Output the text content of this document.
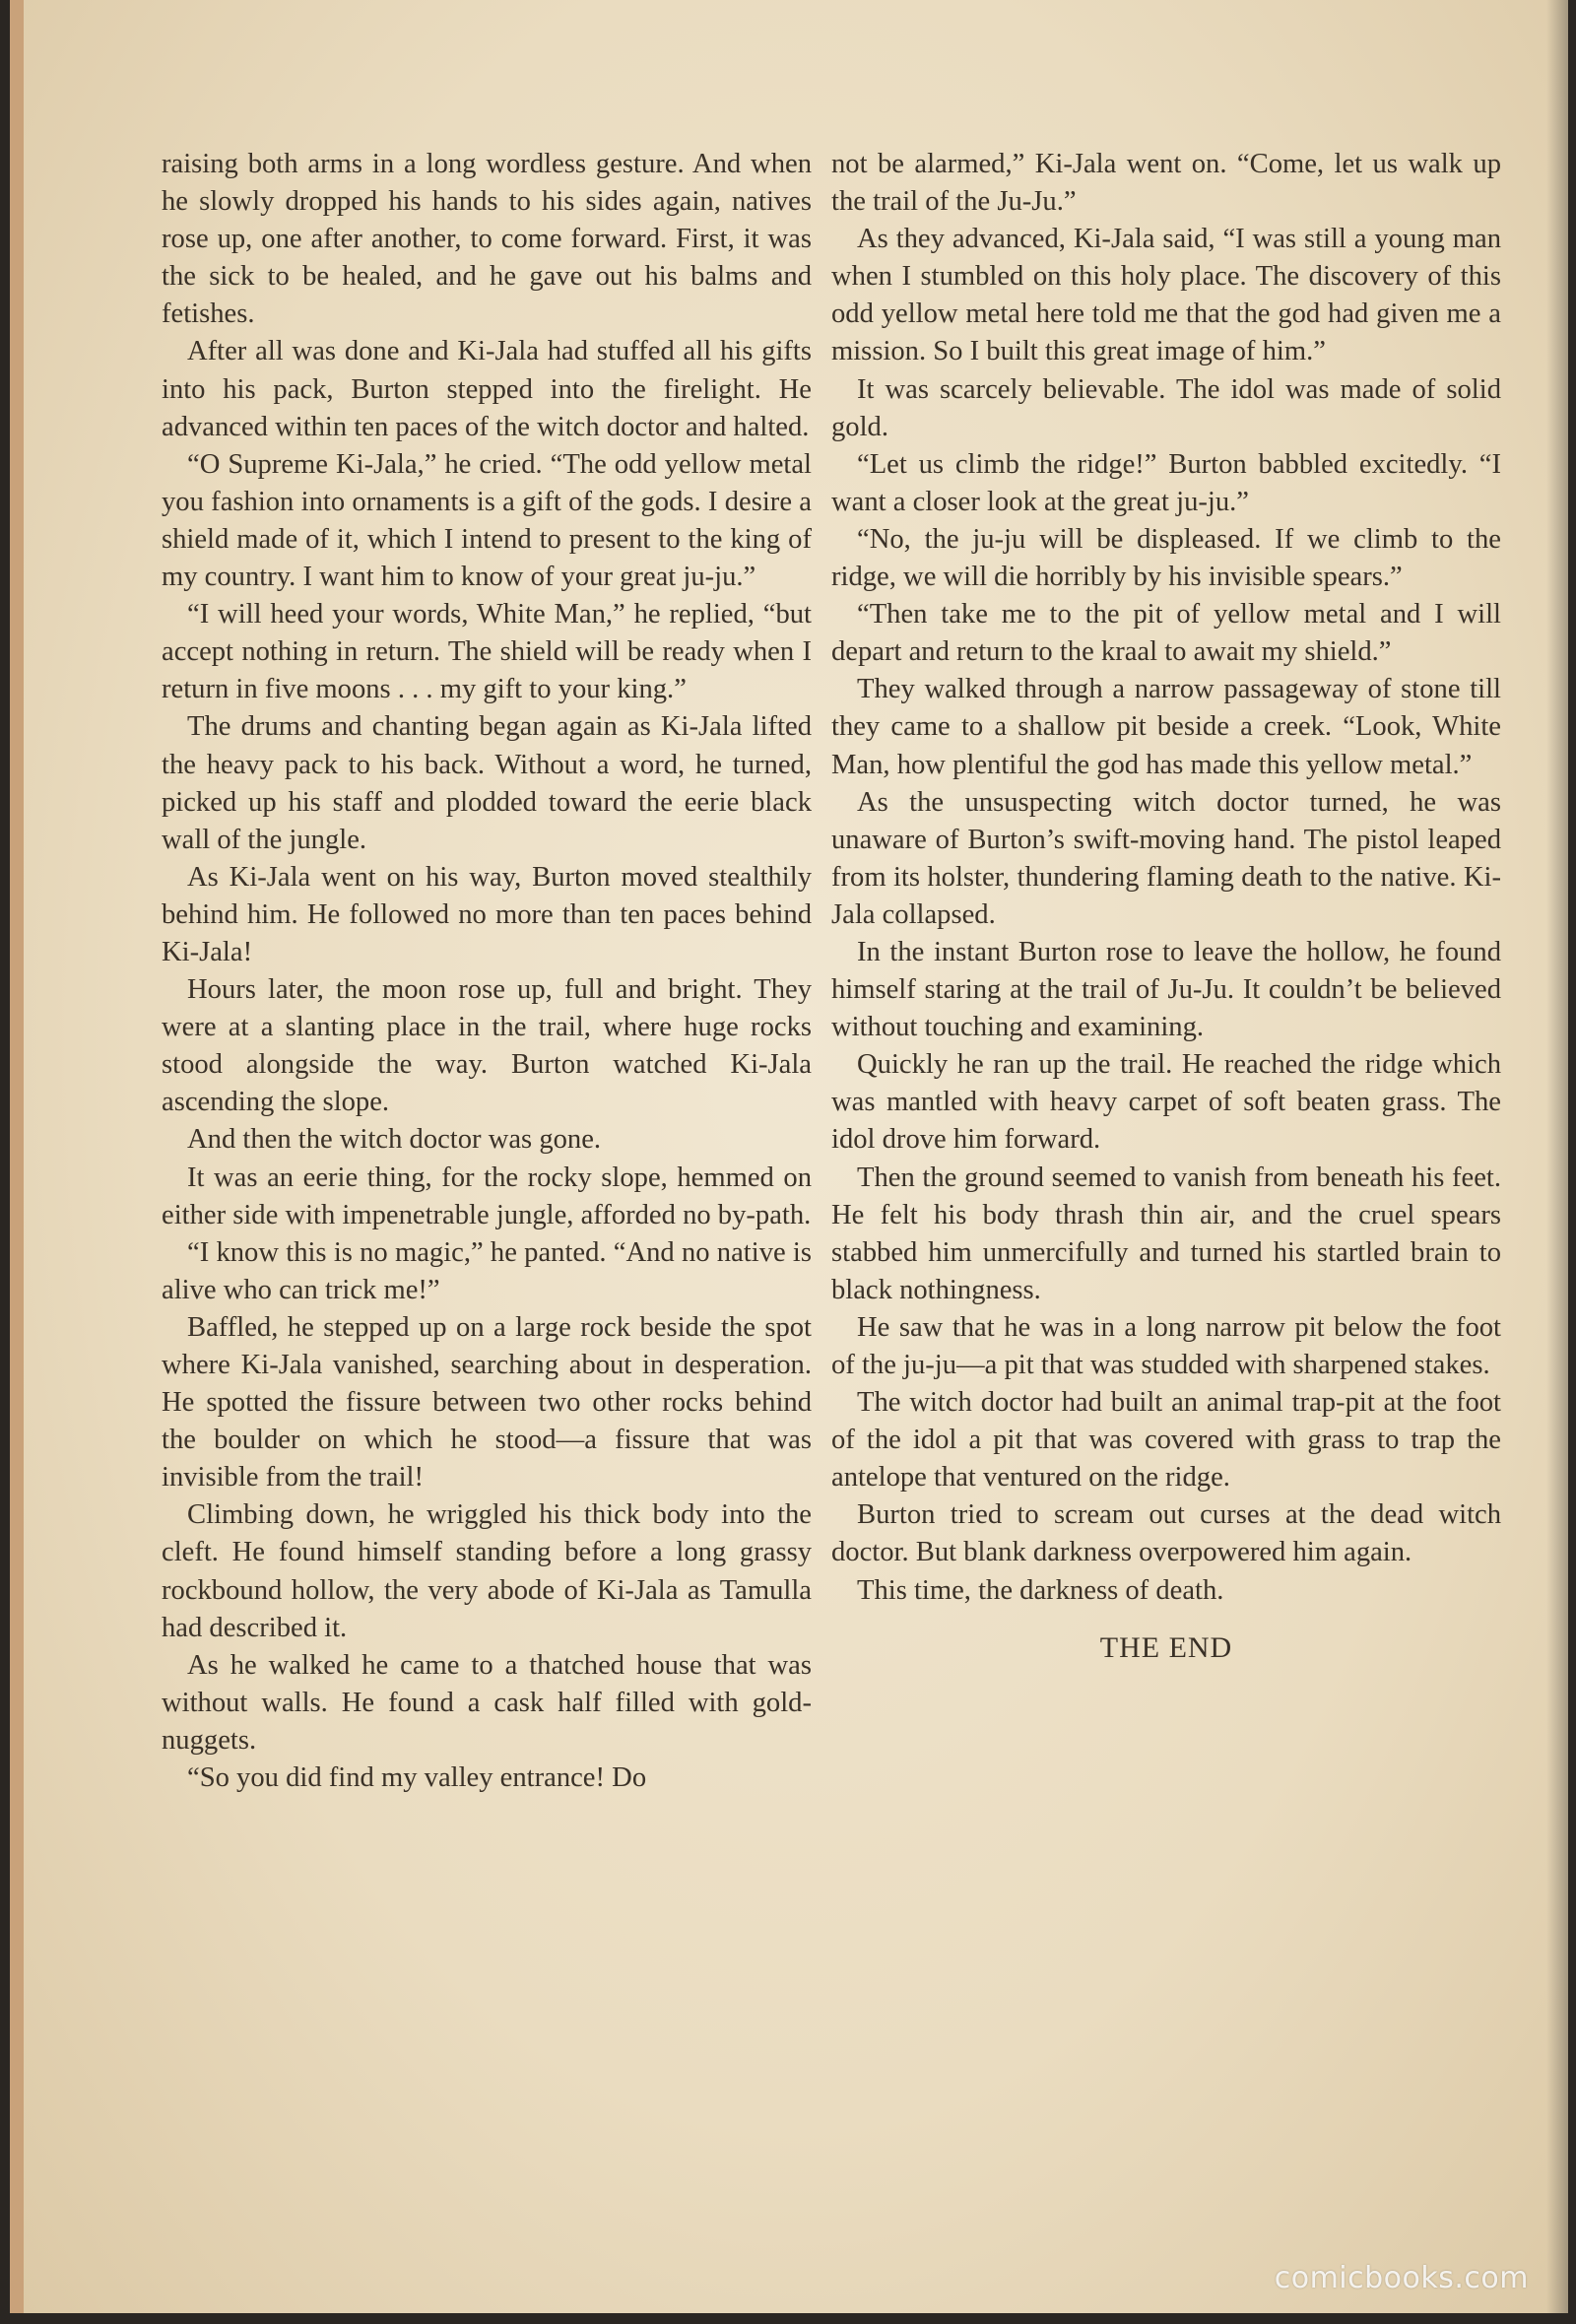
raising both arms in a long wordless gesture. And when he slowly dropped his hands to his sides again, natives rose up, one after another, to come forward. First, it was the sick to be healed, and he gave out his balms and fetishes.

After all was done and Ki-Jala had stuffed all his gifts into his pack, Burton stepped into the firelight. He advanced within ten paces of the witch doctor and halted.

“O Supreme Ki-Jala,” he cried. “The odd yellow metal you fashion into ornaments is a gift of the gods. I desire a shield made of it, which I intend to present to the king of my country. I want him to know of your great ju-ju.”

“I will heed your words, White Man,” he replied, “but accept nothing in return. The shield will be ready when I return in five moons . . . my gift to your king.”

The drums and chanting began again as Ki-Jala lifted the heavy pack to his back. Without a word, he turned, picked up his staff and plodded toward the eerie black wall of the jungle.

As Ki-Jala went on his way, Burton moved stealthily behind him. He followed no more than ten paces behind Ki-Jala!

Hours later, the moon rose up, full and bright. They were at a slanting place in the trail, where huge rocks stood alongside the way. Burton watched Ki-Jala ascending the slope.

And then the witch doctor was gone.

It was an eerie thing, for the rocky slope, hemmed on either side with impenetrable jungle, afforded no by-path.

“I know this is no magic,” he panted. “And no native is alive who can trick me!”

Baffled, he stepped up on a large rock beside the spot where Ki-Jala vanished, searching about in desperation. He spotted the fissure between two other rocks behind the boulder on which he stood—a fissure that was invisible from the trail!

Climbing down, he wriggled his thick body into the cleft. He found himself standing before a long grassy rockbound hollow, the very abode of Ki-Jala as Tamulla had described it.

As he walked he came to a thatched house that was without walls. He found a cask half filled with gold-nuggets.

“So you did find my valley entrance! Do

not be alarmed,” Ki-Jala went on. “Come, let us walk up the trail of the Ju-Ju.”

As they advanced, Ki-Jala said, “I was still a young man when I stumbled on this holy place. The discovery of this odd yellow metal here told me that the god had given me a mission. So I built this great image of him.”

It was scarcely believable. The idol was made of solid gold.

“Let us climb the ridge!” Burton babbled excitedly. “I want a closer look at the great ju-ju.”

“No, the ju-ju will be displeased. If we climb to the ridge, we will die horribly by his invisible spears.”

“Then take me to the pit of yellow metal and I will depart and return to the kraal to await my shield.”

They walked through a narrow passageway of stone till they came to a shallow pit beside a creek. “Look, White Man, how plentiful the god has made this yellow metal.”

As the unsuspecting witch doctor turned, he was unaware of Burton’s swift-moving hand. The pistol leaped from its holster, thundering flaming death to the native. Ki-Jala collapsed.

In the instant Burton rose to leave the hollow, he found himself staring at the trail of Ju-Ju. It couldn’t be believed without touching and examining.

Quickly he ran up the trail. He reached the ridge which was mantled with heavy carpet of soft beaten grass. The idol drove him forward.

Then the ground seemed to vanish from beneath his feet. He felt his body thrash thin air, and the cruel spears stabbed him unmercifully and turned his startled brain to black nothingness.

He saw that he was in a long narrow pit below the foot of the ju-ju—a pit that was studded with sharpened stakes.

The witch doctor had built an animal trap-pit at the foot of the idol a pit that was covered with grass to trap the antelope that ventured on the ridge.

Burton tried to scream out curses at the dead witch doctor. But blank darkness overpowered him again.

This time, the darkness of death.

THE END
comicbooks.com
